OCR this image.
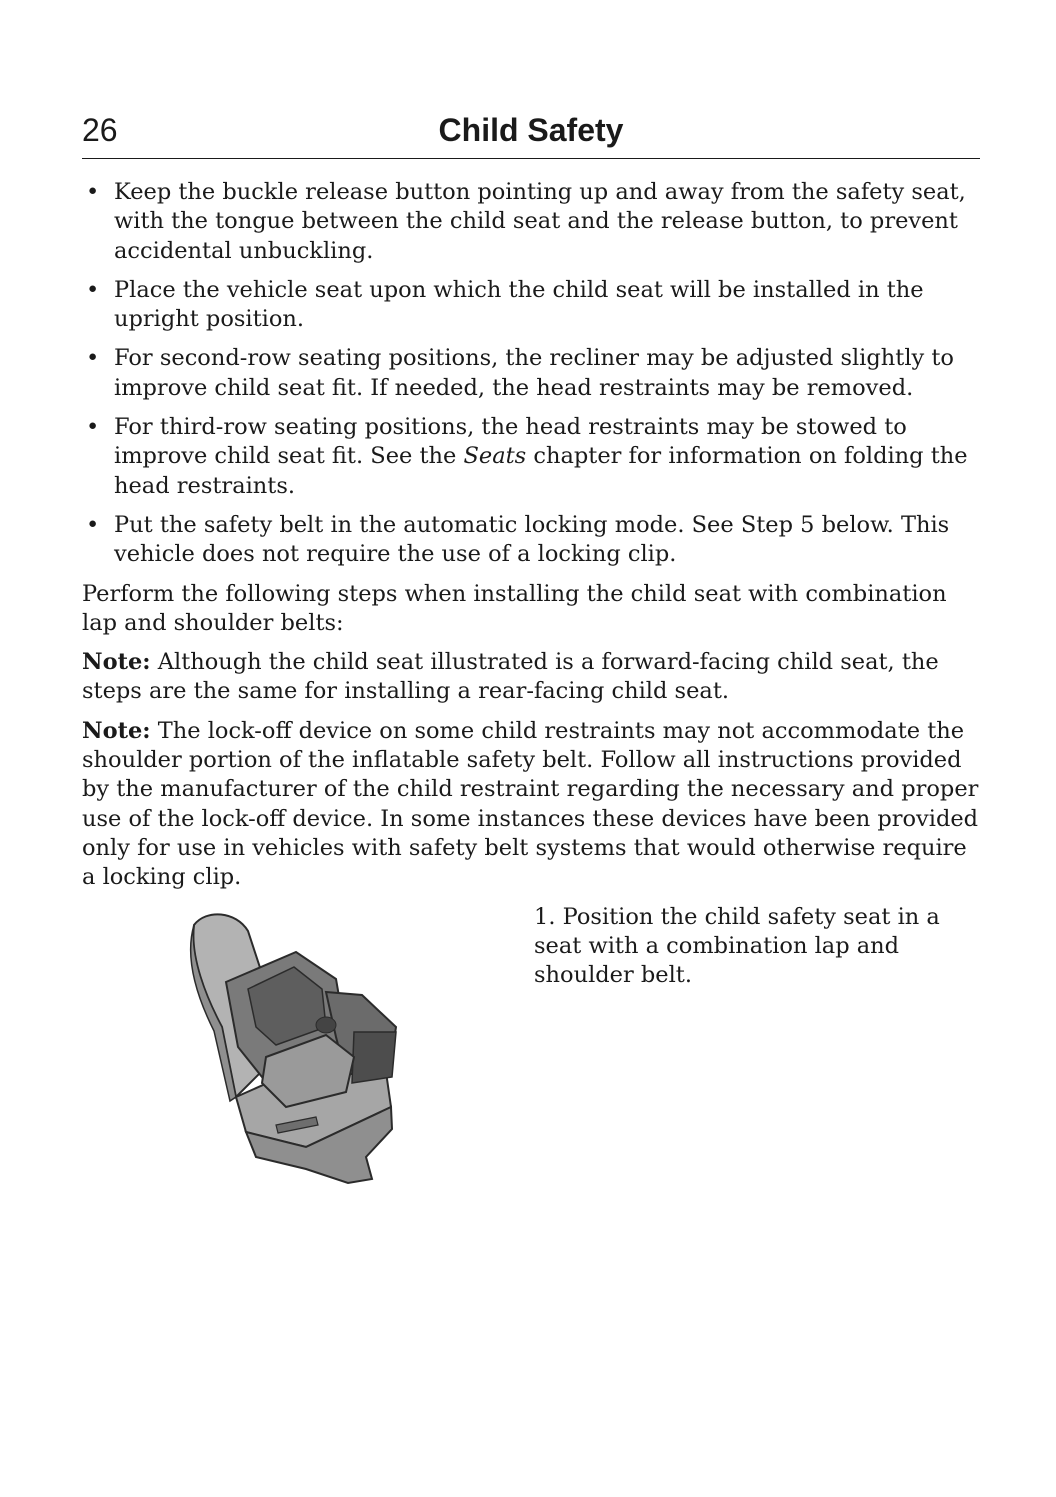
26	Child Safety
• Keep the buckle release button pointing up and away from the safety seat, with the tongue between the child seat and the release button, to prevent accidental unbuckling.
• Place the vehicle seat upon which the child seat will be installed in the upright position.
• For second-row seating positions, the recliner may be adjusted slightly to improve child seat fit. If needed, the head restraints may be removed.
• For third-row seating positions, the head restraints may be stowed to improve child seat fit. See the Seats chapter for information on folding the head restraints.
• Put the safety belt in the automatic locking mode. See Step 5 below. This vehicle does not require the use of a locking clip.

Perform the following steps when installing the child seat with combination lap and shoulder belts:

Note: Although the child seat illustrated is a forward-facing child seat, the steps are the same for installing a rear-facing child seat.

Note: The lock-off device on some child restraints may not accommodate the shoulder portion of the inflatable safety belt. Follow all instructions provided by the manufacturer of the child restraint regarding the necessary and proper use of the lock-off device. In some instances these devices have been provided only for use in vehicles with safety belt systems that would otherwise require a locking clip.

1. Position the child safety seat in a seat with a combination lap and shoulder belt.
